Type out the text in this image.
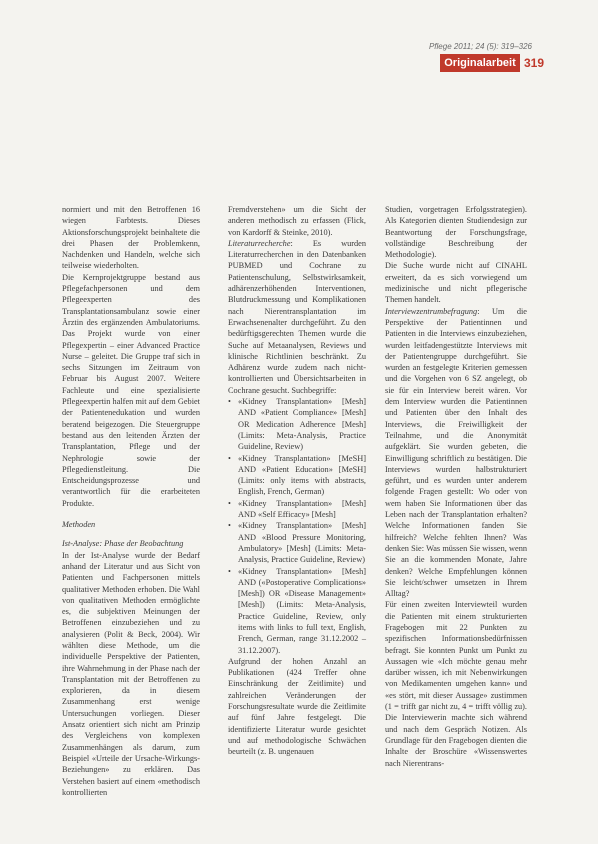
Pflege 2011; 24 (5): 319–326
Originalarbeit 319

normiert und mit den Betroffenen 16 wiegen Farbtests. Dieses Aktionsforschungsprojekt beinhaltete die drei Phasen der Problemkenn, Nachdenken und Handeln, welche sich teilweise wiederholten.

Die Kernprojektgruppe bestand aus Pflegefachpersonen und dem Pflegeexperten des Transplantationsambulanz sowie einer Ärztin des ergänzenden Ambulatoriums. Das Projekt wurde von einer Pflegexpertin – einer Advanced Practice Nurse – geleitet. Die Gruppe traf sich in sechs Sitzungen im Zeitraum von Februar bis August 2007. Weitere Fachleute und eine spezialisierte Pflegeexpertin halfen mit auf dem Gebiet der Patientenedukation und wurden beratend beigezogen. Die Steuergruppe bestand aus den leitenden Ärzten der Transplantation, Pflege und der Nephrologie sowie der Pflegedienstleitung. Die Entscheidungsprozesse und verantwortlich für die erarbeiteten Produkte.

Methoden

Ist-Analyse: Phase der Beobachtung

In der Ist-Analyse wurde der Bedarf anhand der Literatur und aus Sicht von Patienten und Fachpersonen mittels qualitativer Methoden erhoben. Die Wahl von qualitativen Methoden ermöglichte es, die subjektiven Meinungen der Betroffenen einzubeziehen und zu analysieren (Polit & Beck, 2004). Wir wählten diese Methode, um die individuelle Perspektive der Patienten, ihre Wahrnehmung in der Phase nach der Transplantation mit der Betroffenen zu explorieren, da in diesem Zusammenhang erst wenige Untersuchungen vorliegen. Dieser Ansatz orientiert sich nicht am Prinzip des Vergleichens von komplexen Zusammenhängen als darum, zum Beispiel «Urteile der Ursache-Wirkungs-Beziehungen» zu erklären. Das Verstehen basiert auf einem «methodisch kontrollierten

Fremdverstehen» um die Sicht der anderen methodisch zu erfassen (Flick, von Kardorff & Steinke, 2010).

Literaturrecherche: Es wurden Literaturrecherchen in den Datenbanken PUBMED und Cochrane zu Patientenschulung, Selbstwirksamkeit, adhärenzerhöhenden Interventionen, Blutdruckmessung und Komplikationen nach Nierentransplantation im Erwachsenenalter durchgeführt. Zu den bedürftigsgerechten Themen wurde die Suche auf Metaanalysen, Reviews und klinische Richtlinien beschränkt. Zu Adhärenz wurde zudem nach nicht-kontrollierten und Übersichtsarbeiten in Cochrane gesucht. Suchbegriffe:

• «Kidney Transplantation» [Mesh] AND «Patient Compliance» [Mesh] OR Medication Adherence [Mesh] (Limits: Meta-Analysis, Practice Guideline, Review)
• «Kidney Transplantation» [MeSH] AND «Patient Education» [MeSH] (Limits: only items with abstracts, English, French, German)
• «Kidney Transplantation» [Mesh] AND «Self Efficacy» [Mesh]
• «Kidney Transplantation» [Mesh] AND «Blood Pressure Monitoring, Ambulatory» [Mesh] (Limits: Meta-Analysis, Practice Guideline, Review)
• «Kidney Transplantation» [Mesh] AND («Postoperative Complications» [Mesh]) OR «Disease Management» [Mesh]) (Limits: Meta-Analysis, Practice Guideline, Review, only items with links to full text, English, French, German, range 31.12.2002 – 31.12.2007).

Aufgrund der hohen Anzahl an Publikationen (424 Treffer ohne Einschränkung der Zeitlimite) und zahlreichen Veränderungen der Forschungsresultate wurde die Zeitlimite auf fünf Jahre festgelegt. Die identifizierte Literatur wurde gesichtet und auf methodologische Schwächen beurteilt (z. B. ungenauen

Studien, vorgetragen Erfolgsstrategien). Als Kategorien dienten Studiendesign zur Beantwortung der Forschungsfrage, vollständige Beschreibung der Methodologie).

Die Suche wurde nicht auf CINAHL erweitert, da es sich vorwiegend um medizinische und nicht pflegerische Themen handelt.

Interviewzentrumbefragung: Um die Perspektive der Patientinnen und Patienten in die Interviews einzubeziehen, wurden leitfadengestützte Interviews mit der Patientengruppe durchgeführt. Sie wurden an festgelegte Kriterien gemessen und die Vorgehen von 6 SZ angelegt, ob sie für ein Interview bereit wären. Vor dem Interview wurden die Patientinnen und Patienten über den Inhalt des Interviews, die Freiwilligkeit der Teilnahme, und die Anonymität aufgeklärt. Sie wurden gebeten, die Einwilligung schriftlich zu bestätigen. Die Interviews wurden halbstrukturiert geführt, und es wurden unter anderem folgende Fragen gestellt: Wo oder von wem haben Sie Informationen über das Leben nach der Transplantation erhalten? Welche Informationen fanden Sie hilfreich? Welche fehlten Ihnen? Was denken Sie: Was müssen Sie wissen, wenn Sie an die kommenden Monate, Jahre denken? Welche Empfehlungen können Sie leicht/schwer umsetzen in Ihrem Alltag?

Für einen zweiten Interviewteil wurden die Patienten mit einem strukturierten Fragebogen mit 22 Punkten zu spezifischen Informationsbedürfnissen befragt. Sie konnten Punkt um Punkt zu Aussagen wie «Ich möchte genau mehr darüber wissen, ich mit Nebenwirkungen von Medikamenten umgehen kann» und «es stört, mit dieser Aussage» zustimmen (1 = trifft gar nicht zu, 4 = trifft völlig zu). Die Interviewerin machte sich während und nach dem Gespräch Notizen. Als Grundlage für den Fragebogen dienten die Inhalte der Broschüre «Wissenswertes nach Nierentrans-
